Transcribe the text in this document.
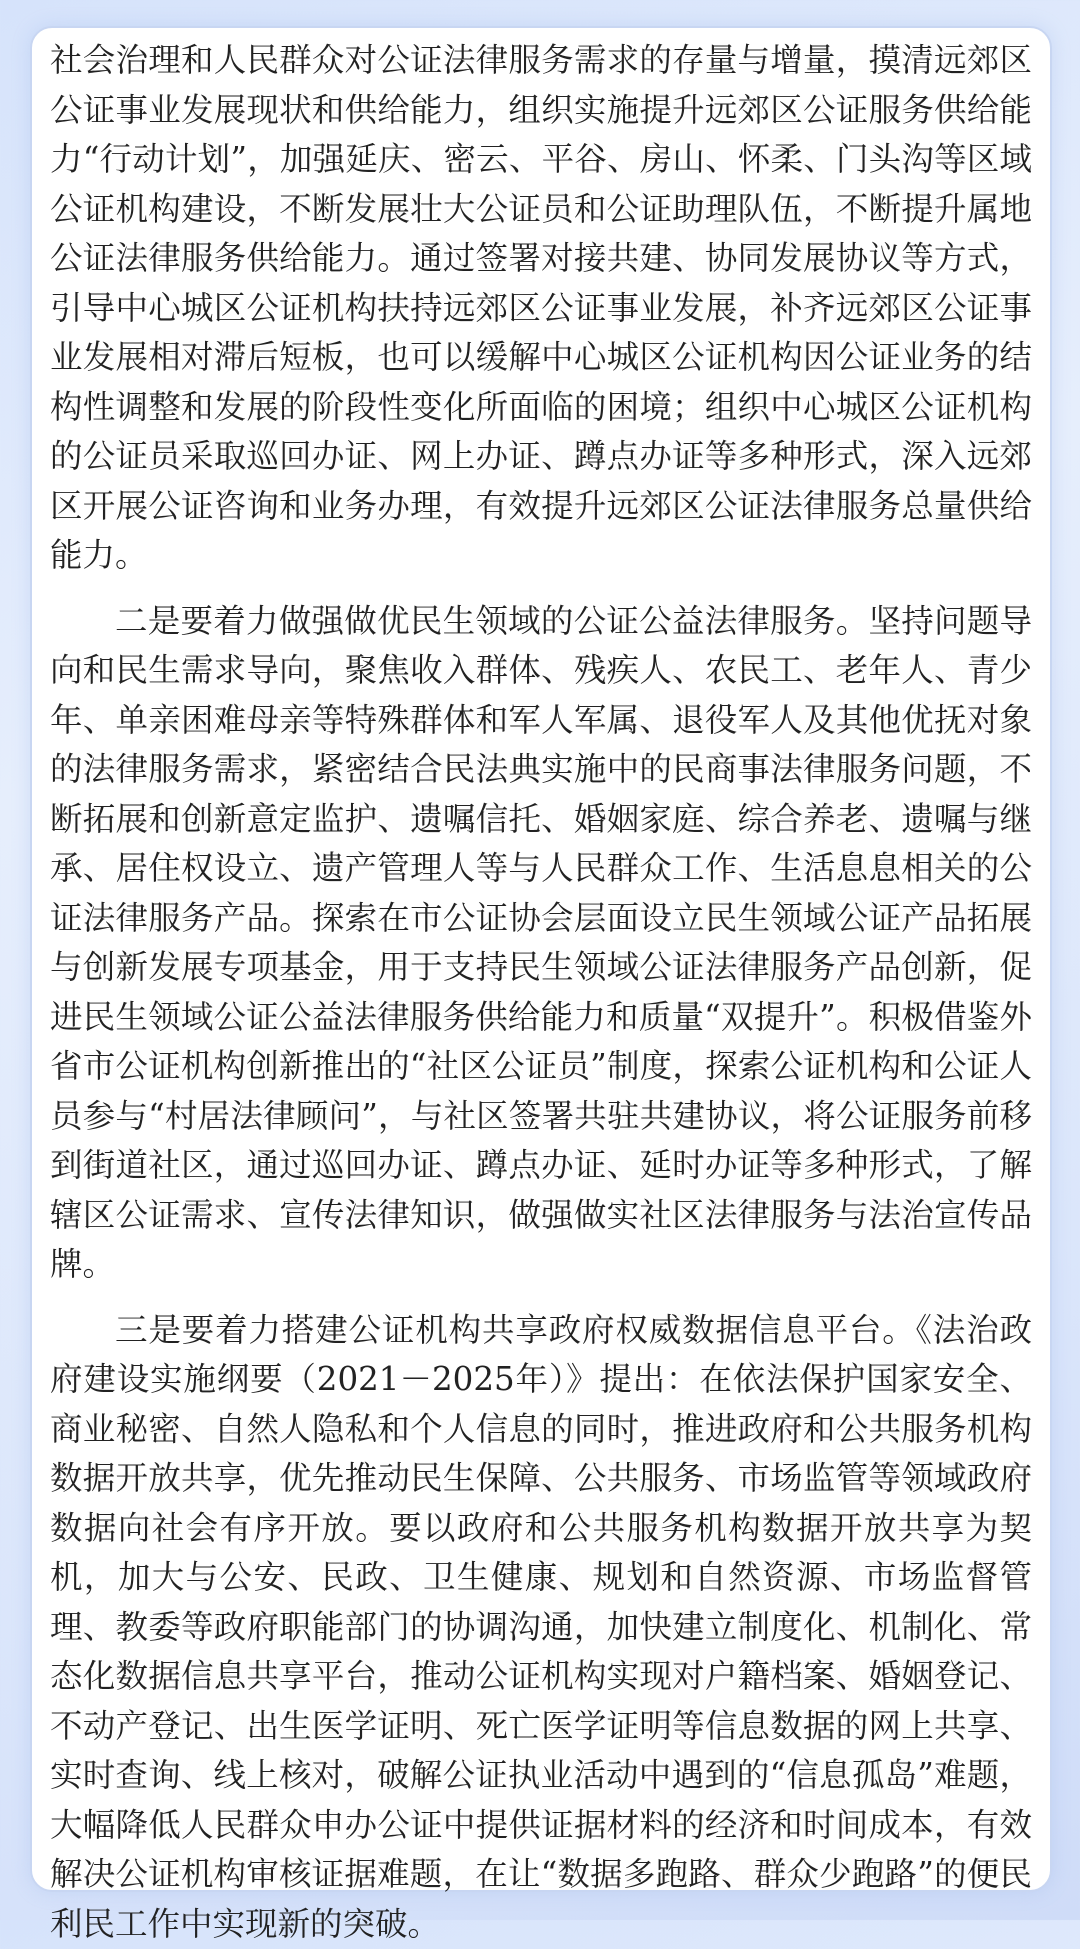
社会治理和人民群众对公证法律服务需求的存量与增量，摸清远郊区公证事业发展现状和供给能力，组织实施提升远郊区公证服务供给能力“行动计划”，加强延庆、密云、平谷、房山、怀柔、门头沟等区域公证机构建设，不断发展壮大公证员和公证助理队伍，不断提升属地公证法律服务供给能力。通过签署对接共建、协同发展协议等方式，引导中心城区公证机构扶持远郊区公证事业发展，补齐远郊区公证事业发展相对滞后短板，也可以缓解中心城区公证机构因公证业务的结构性调整和发展的阶段性变化所面临的困境；组织中心城区公证机构的公证员采取巡回办证、网上办证、蹲点办证等多种形式，深入远郊区开展公证咨询和业务办理，有效提升远郊区公证法律服务总量供给能力。

二是要着力做强做优民生领域的公证公益法律服务。坚持问题导向和民生需求导向，聚焦收入群体、残疾人、农民工、老年人、青少年、单亲困难母亲等特殊群体和军人军属、退役军人及其他优抚对象的法律服务需求，紧密结合民法典实施中的民商事法律服务问题，不断拓展和创新意定监护、遗嘱信托、婚姻家庭、综合养老、遗嘱与继承、居住权设立、遗产管理人等与人民群众工作、生活息息相关的公证法律服务产品。探索在市公证协会层面设立民生领域公证产品拓展与创新发展专项基金，用于支持民生领域公证法律服务产品创新，促进民生领域公证公益法律服务供给能力和质量“双提升”。积极借鉴外省市公证机构创新推出的“社区公证员”制度，探索公证机构和公证人员参与“村居法律顾问”，与社区签署共驻共建协议，将公证服务前移到街道社区，通过巡回办证、蹲点办证、延时办证等多种形式，了解辖区公证需求、宣传法律知识，做强做实社区法律服务与法治宣传品牌。

三是要着力搭建公证机构共享政府权威数据信息平台。《法治政府建设实施纲要（2021－2025年）》提出：在依法保护国家安全、商业秘密、自然人隐私和个人信息的同时，推进政府和公共服务机构数据开放共享，优先推动民生保障、公共服务、市场监管等领域政府数据向社会有序开放。要以政府和公共服务机构数据开放共享为契机，加大与公安、民政、卫生健康、规划和自然资源、市场监督管理、教委等政府职能部门的协调沟通，加快建立制度化、机制化、常态化数据信息共享平台，推动公证机构实现对户籍档案、婚姻登记、不动产登记、出生医学证明、死亡医学证明等信息数据的网上共享、实时查询、线上核对，破解公证执业活动中遇到的“信息孤岛”难题，大幅降低人民群众申办公证中提供证据材料的经济和时间成本，有效解决公证机构审核证据难题，在让“数据多跑路、群众少跑路”的便民利民工作中实现新的突破。
